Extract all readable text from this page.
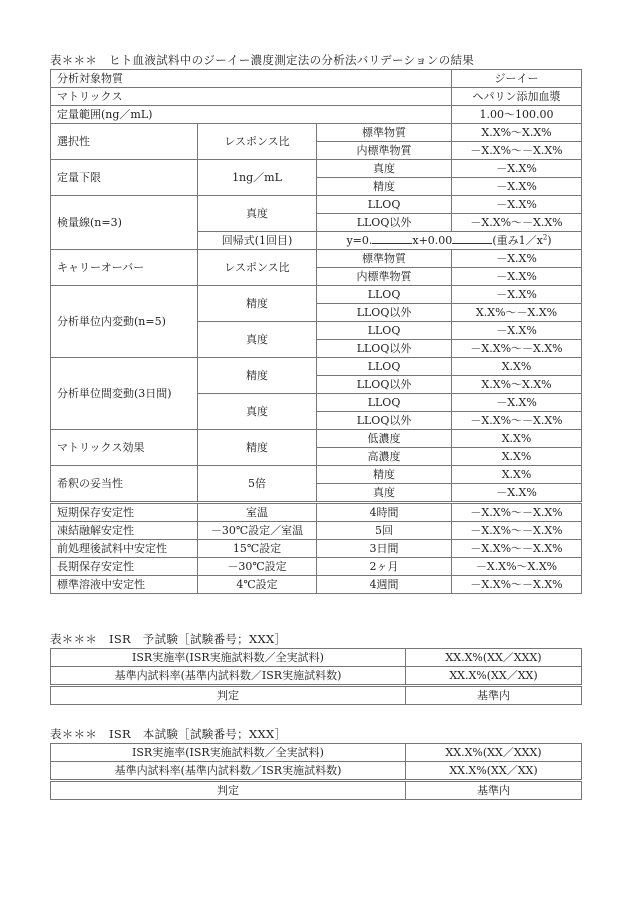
表＊＊＊　ヒト血液試料中のジーイー濃度測定法の分析法バリデーションの結果
分析対象物質			ジーイー
マトリックス			ヘパリン添加血漿
定量範囲(ng／mL)			1.00～100.00
選択性	レスポンス比	標準物質	X.X%～X.X%
		内標準物質	－X.X%～－X.X%
定量下限	1ng／mL	真度	－X.X%
		精度	－X.X%
検量線(n=3)	真度	LLOQ	－X.X%
		LLOQ以外	－X.X%～－X.X%
	回帰式(1回目)	y=0. x+0.00 (重み$1/x^2$)	
キャリーオーバー	レスポンス比	標準物質	－X.X%
		内標準物質	－X.X%
分析単位内変動(n=5)	精度	LLOQ	－X.X%
		LLOQ以外	X.X%～－X.X%
	真度	LLOQ	－X.X%
		LLOQ以外	－X.X%～－X.X%
分析単位間変動(3日間)	精度	LLOQ	X.X%
		LLOQ以外	X.X%～X.X%
	真度	LLOQ	－X.X%
		LLOQ以外	－X.X%～－X.X%
マトリックス効果	精度	低濃度	X.X%
		高濃度	X.X%
希釈の妥当性	5倍	精度	X.X%
		真度	－X.X%
短期保存安定性	室温	4時間	－X.X%～－X.X%
凍結融解安定性	－30℃設定／室温	5回	－X.X%～－X.X%
前処理後試料中安定性	15℃設定	3日間	－X.X%～－X.X%
長期保存安定性	－30℃設定	2ヶ月	－X.X%～X.X%
標準溶液中安定性	4℃設定	4週間	－X.X%～－X.X%
表＊＊＊　ISR　予試験［試験番号；XXX］
ISR実施率(ISR実施試料数／全実試料)	XX.X%(XX／XXX)
基準内試料率(基準内試料数／ISR実施試料数)	XX.X%(XX／XX)
判定	基準内
表＊＊＊　ISR　本試験［試験番号；XXX］
ISR実施率(ISR実施試料数／全実試料)	XX.X%(XX／XXX)
基準内試料率(基準内試料数／ISR実施試料数)	XX.X%(XX／XX)
判定	基準内
